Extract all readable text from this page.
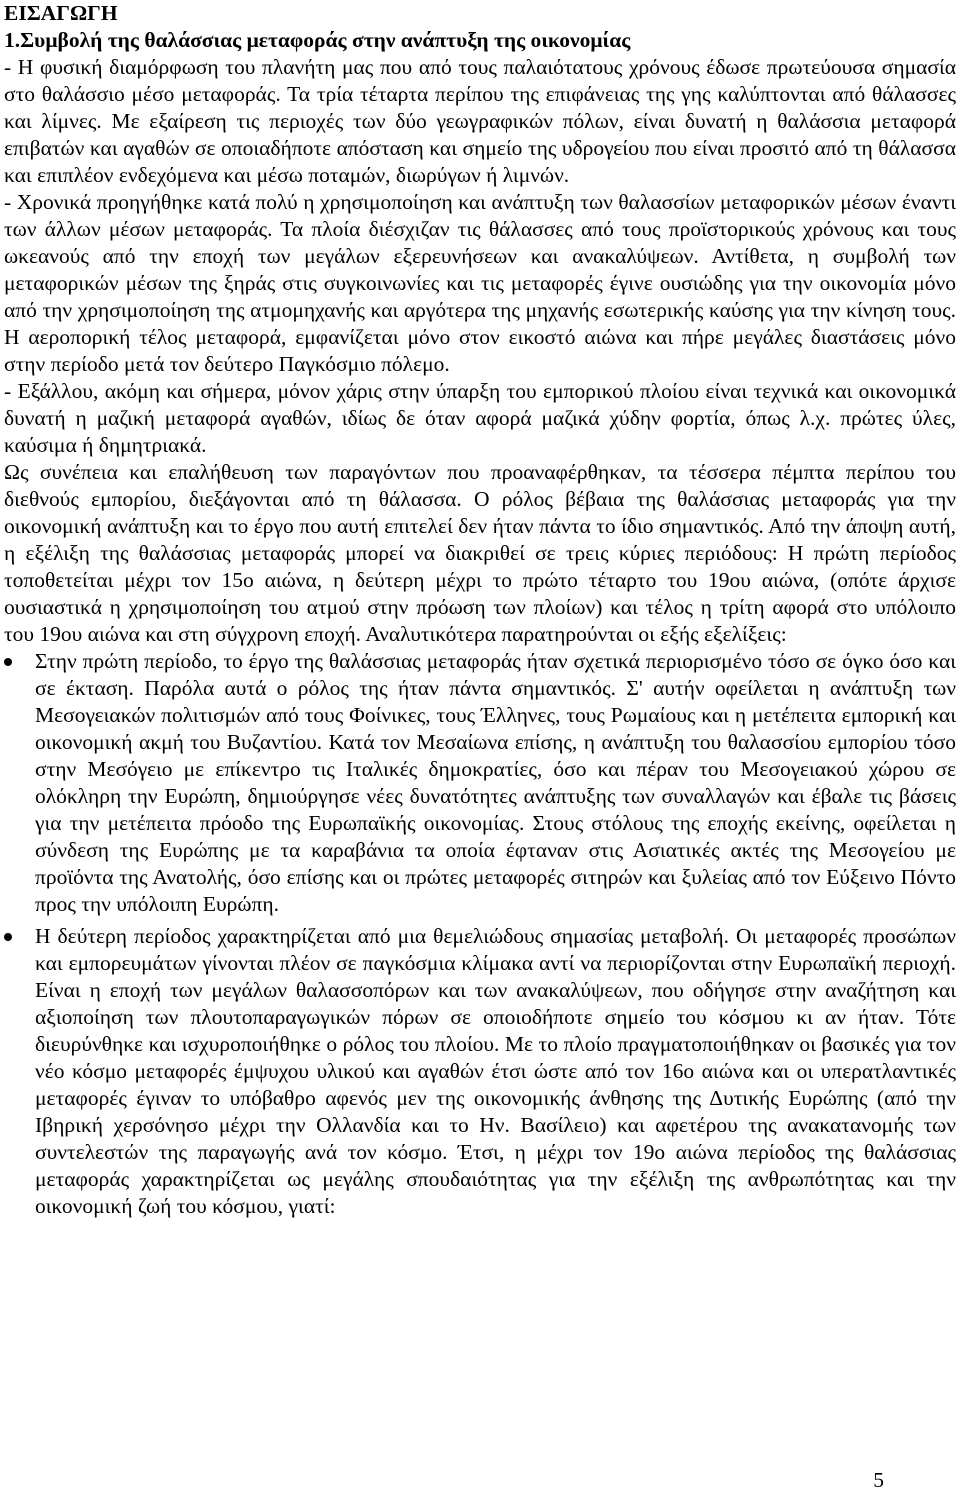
ΕΙΣΑΓΩΓΗ
1.Συμβολή της θαλάσσιας μεταφοράς στην ανάπτυξη της οικονομίας

- Η φυσική διαμόρφωση του πλανήτη μας που από τους παλαιότατους χρόνους έδωσε πρωτεύουσα σημασία στο θαλάσσιο μέσο μεταφοράς. Τα τρία τέταρτα περίπου της επιφάνειας της γης καλύπτονται από θάλασσες και λίμνες. Με εξαίρεση τις περιοχές των δύο γεωγραφικών πόλων, είναι δυνατή η θαλάσσια μεταφορά επιβατών και αγαθών σε οποιαδήποτε απόσταση και σημείο της υδρογείου που είναι προσιτό από τη θάλασσα και επιπλέον ενδεχόμενα και μέσω ποταμών, διωρύγων ή λιμνών.

- Χρονικά προηγήθηκε κατά πολύ η χρησιμοποίηση και ανάπτυξη των θαλασσίων μεταφορικών μέσων έναντι των άλλων μέσων μεταφοράς. Τα πλοία διέσχιζαν τις θάλασσες από τους προϊστορικούς χρόνους και τους ωκεανούς από την εποχή των μεγάλων εξερευνήσεων και ανακαλύψεων. Αντίθετα, η συμβολή των μεταφορικών μέσων της ξηράς στις συγκοινωνίες και τις μεταφορές έγινε ουσιώδης για την οικονομία μόνο από την χρησιμοποίηση της ατμομηχανής και αργότερα της μηχανής εσωτερικής καύσης για την κίνηση τους. Η αεροπορική τέλος μεταφορά, εμφανίζεται μόνο στον εικοστό αιώνα και πήρε μεγάλες διαστάσεις μόνο στην περίοδο μετά τον δεύτερο Παγκόσμιο πόλεμο.

- Εξάλλου, ακόμη και σήμερα, μόνον χάρις στην ύπαρξη του εμπορικού πλοίου είναι τεχνικά και οικονομικά δυνατή η μαζική μεταφορά αγαθών, ιδίως δε όταν αφορά μαζικά χύδην φορτία, όπως λ.χ. πρώτες ύλες, καύσιμα ή δημητριακά.

Ως συνέπεια και επαλήθευση των παραγόντων που προαναφέρθηκαν, τα τέσσερα πέμπτα περίπου του διεθνούς εμπορίου, διεξάγονται από τη θάλασσα. Ο ρόλος βέβαια της θαλάσσιας μεταφοράς για την οικονομική ανάπτυξη και το έργο που αυτή επιτελεί δεν ήταν πάντα το ίδιο σημαντικός. Από την άποψη αυτή, η εξέλιξη της θαλάσσιας μεταφοράς μπορεί να διακριθεί σε τρεις κύριες περιόδους: Η πρώτη περίοδος τοποθετείται μέχρι τον 15ο αιώνα, η δεύτερη μέχρι το πρώτο τέταρτο του 19ου αιώνα, (οπότε άρχισε ουσιαστικά η χρησιμοποίηση του ατμού στην πρόωση των πλοίων) και τέλος η τρίτη αφορά στο υπόλοιπο του 19ου αιώνα και στη σύγχρονη εποχή. Αναλυτικότερα παρατηρούνται οι εξής εξελίξεις:

Στην πρώτη περίοδο, το έργο της θαλάσσιας μεταφοράς ήταν σχετικά περιορισμένο τόσο σε όγκο όσο και σε έκταση. Παρόλα αυτά ο ρόλος της ήταν πάντα σημαντικός. Σ' αυτήν οφείλεται η ανάπτυξη των Μεσογειακών πολιτισμών από τους Φοίνικες, τους Έλληνες, τους Ρωμαίους και η μετέπειτα εμπορική και οικονομική ακμή του Βυζαντίου. Κατά τον Μεσαίωνα επίσης, η ανάπτυξη του θαλασσίου εμπορίου τόσο στην Μεσόγειο με επίκεντρο τις Ιταλικές δημοκρατίες, όσο και πέραν του Μεσογειακού χώρου σε ολόκληρη την Ευρώπη, δημιούργησε νέες δυνατότητες ανάπτυξης των συναλλαγών και έβαλε τις βάσεις για την μετέπειτα πρόοδο της Ευρωπαϊκής οικονομίας. Στους στόλους της εποχής εκείνης, οφείλεται η σύνδεση της Ευρώπης με τα καραβάνια τα οποία έφταναν στις Ασιατικές ακτές της Μεσογείου με προϊόντα της Ανατολής, όσο επίσης και οι πρώτες μεταφορές σιτηρών και ξυλείας από τον Εύξεινο Πόντο προς την υπόλοιπη Ευρώπη.
Η δεύτερη περίοδος χαρακτηρίζεται από μια θεμελιώδους σημασίας μεταβολή. Οι μεταφορές προσώπων και εμπορευμάτων γίνονται πλέον σε παγκόσμια κλίμακα αντί να περιορίζονται στην Ευρωπαϊκή περιοχή. Είναι η εποχή των μεγάλων θαλασσοπόρων και των ανακαλύψεων, που οδήγησε στην αναζήτηση και αξιοποίηση των πλουτοπαραγωγικών πόρων σε οποιοδήποτε σημείο του κόσμου κι αν ήταν. Τότε διευρύνθηκε και ισχυροποιήθηκε ο ρόλος του πλοίου. Με το πλοίο πραγματοποιήθηκαν οι βασικές για τον νέο κόσμο μεταφορές έμψυχου υλικού και αγαθών έτσι ώστε από τον 16ο αιώνα και οι υπερατλαντικές μεταφορές έγιναν το υπόβαθρο αφενός μεν της οικονομικής άνθησης της Δυτικής Ευρώπης (από την Ιβηρική χερσόνησο μέχρι την Ολλανδία και το Ην. Βασίλειο) και αφετέρου της ανακατανομής των συντελεστών της παραγωγής ανά τον κόσμο. Έτσι, η μέχρι τον 19ο αιώνα περίοδος της θαλάσσιας μεταφοράς χαρακτηρίζεται ως μεγάλης σπουδαιότητας για την εξέλιξη της ανθρωπότητας και την οικονομική ζωή του κόσμου, γιατί:
5
